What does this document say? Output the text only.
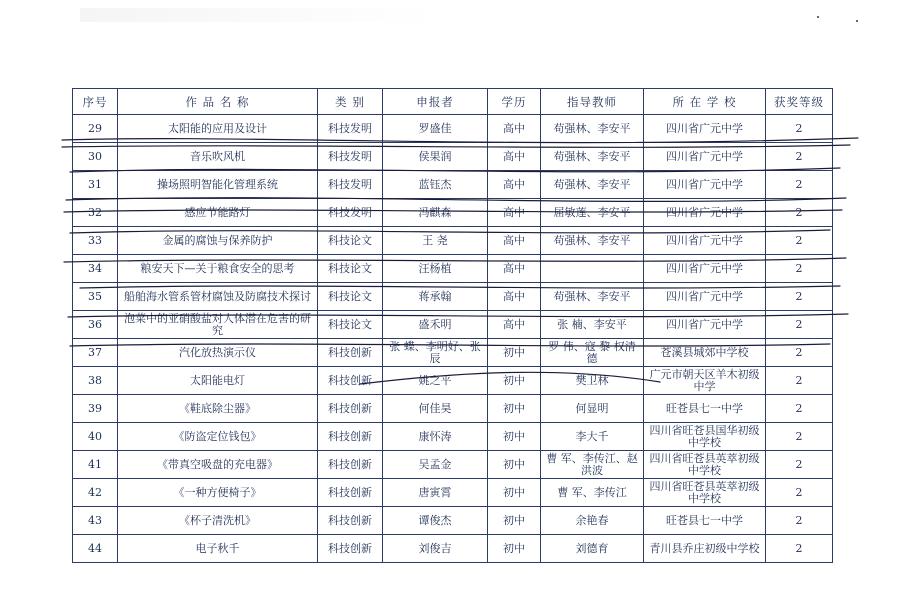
序号	作 品 名 称	类 别	申报者	学历	指导教师	所 在 学 校	获奖等级
29	太阳能的应用及设计	科技发明	罗盛佳	高中	苟强林、李安平	四川省广元中学	2
30	音乐吹风机	科技发明	侯果润	高中	苟强林、李安平	四川省广元中学	2
31	操场照明智能化管理系统	科技发明	蓝钰杰	高中	苟强林、李安平	四川省广元中学	2
32	感应节能路灯	科技发明	冯麒森	高中	屈敏莲、李安平	四川省广元中学	2
33	金属的腐蚀与保养防护	科技论文	王 尧	高中	苟强林、李安平	四川省广元中学	2
34	粮安天下—关于粮食安全的思考	科技论文	汪杨植	高中		四川省广元中学	2
35	船舶海水管系管材腐蚀及防腐技术探讨	科技论文	蒋承翰	高中	苟强林、李安平	四川省广元中学	2
36	泡菜中的亚硝酸盐对人体潜在危害的研究	科技论文	盛禾明	高中	张 楠、李安平	四川省广元中学	2
37	汽化放热演示仪	科技创新	张 蝶、李明好、张 辰	初中	罗 伟、寇 黎 权清德	苍溪县城郊中学校	2
38	太阳能电灯	科技创新	姚之平	初中	樊卫林	广元市朝天区羊木初级中学	2
39	《鞋底除尘器》	科技创新	何佳昊	初中	何显明	旺苍县七一中学	2
40	《防盗定位钱包》	科技创新	康怀涛	初中	李大千	四川省旺苍县国华初级中学校	2
41	《带真空吸盘的充电器》	科技创新	吴孟金	初中	曹 军、李传江、赵洪波	四川省旺苍县英萃初级中学校	2
42	《一种方便椅子》	科技创新	唐寅霄	初中	曹 军、李传江	四川省旺苍县英萃初级中学校	2
43	《杯子清洗机》	科技创新	谭俊杰	初中	余艳春	旺苍县七一中学	2
44	电子秋千	科技创新	刘俊吉	初中	刘德育	青川县乔庄初级中学校	2
